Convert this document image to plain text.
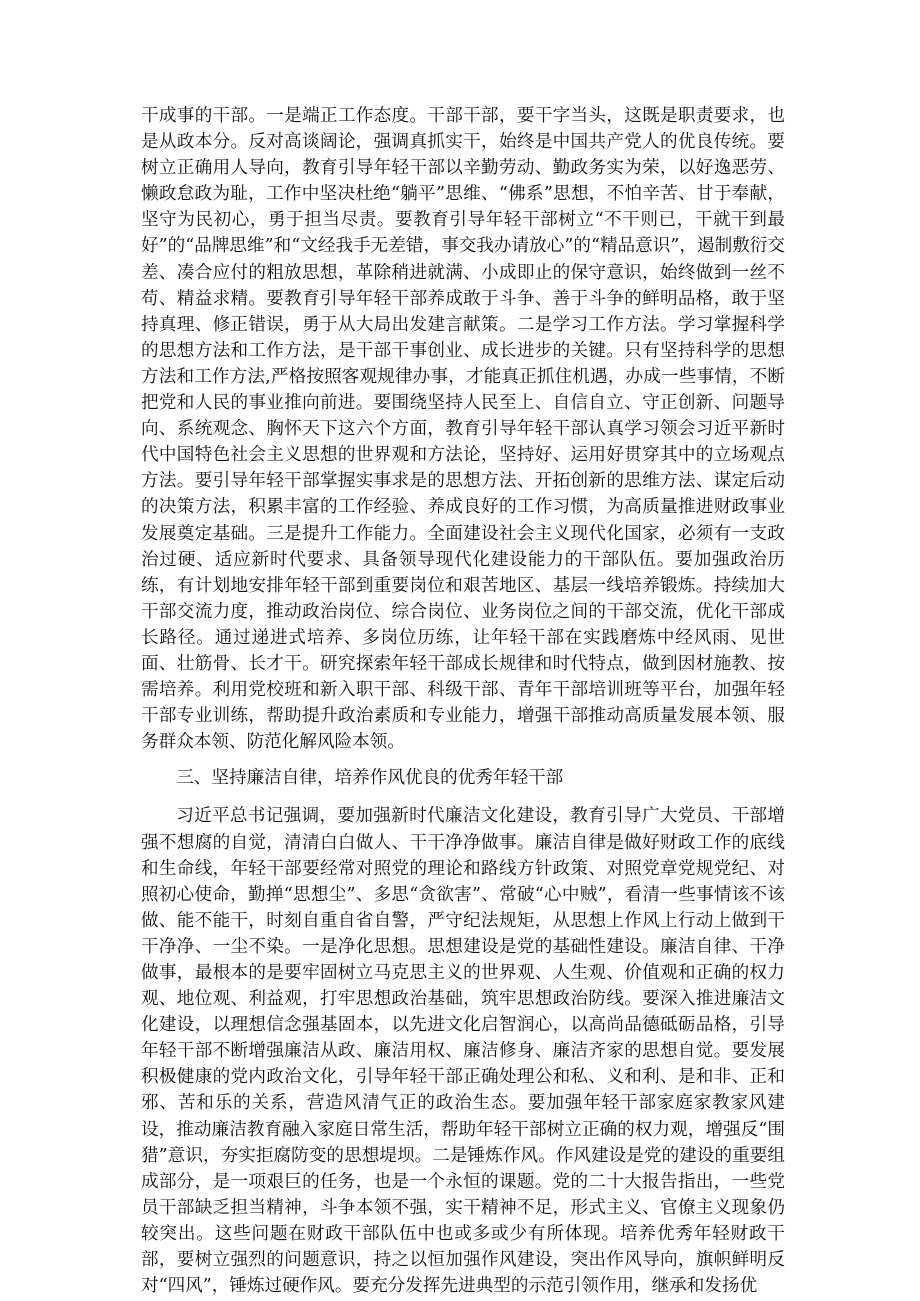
干成事的干部。一是端正工作态度。干部干部，要干字当头，这既是职责要求，也是从政本分。反对高谈阔论，强调真抓实干，始终是中国共产党人的优良传统。要树立正确用人导向，教育引导年轻干部以辛勤劳动、勤政务实为荣，以好逸恶劳、懒政怠政为耻，工作中坚决杜绝“躺平”思维、“佛系”思想，不怕辛苦、甘于奉献，坚守为民初心，勇于担当尽责。要教育引导年轻干部树立“不干则已，干就干到最好”的“品牌思维”和“文经我手无差错，事交我办请放心”的“精品意识”，遏制敷衍交差、凑合应付的粗放思想，革除稍进就满、小成即止的保守意识，始终做到一丝不苟、精益求精。要教育引导年轻干部养成敢于斗争、善于斗争的鲜明品格，敢于坚持真理、修正错误，勇于从大局出发建言献策。二是学习工作方法。学习掌握科学的思想方法和工作方法，是干部干事创业、成长进步的关键。只有坚持科学的思想方法和工作方法,严格按照客观规律办事，才能真正抓住机遇，办成一些事情，不断把党和人民的事业推向前进。要围绕坚持人民至上、自信自立、守正创新、问题导向、系统观念、胸怀天下这六个方面，教育引导年轻干部认真学习领会习近平新时代中国特色社会主义思想的世界观和方法论，坚持好、运用好贯穿其中的立场观点方法。要引导年轻干部掌握实事求是的思想方法、开拓创新的思维方法、谋定后动的决策方法，积累丰富的工作经验、养成良好的工作习惯，为高质量推进财政事业发展奠定基础。三是提升工作能力。全面建设社会主义现代化国家，必须有一支政治过硬、适应新时代要求、具备领导现代化建设能力的干部队伍。要加强政治历练，有计划地安排年轻干部到重要岗位和艰苦地区、基层一线培养锻炼。持续加大干部交流力度，推动政治岗位、综合岗位、业务岗位之间的干部交流，优化干部成长路径。通过递进式培养、多岗位历练，让年轻干部在实践磨炼中经风雨、见世面、壮筋骨、长才干。研究探索年轻干部成长规律和时代特点，做到因材施教、按需培养。利用党校班和新入职干部、科级干部、青年干部培训班等平台，加强年轻干部专业训练，帮助提升政治素质和专业能力，增强干部推动高质量发展本领、服务群众本领、防范化解风险本领。

三、坚持廉洁自律，培养作风优良的优秀年轻干部

习近平总书记强调，要加强新时代廉洁文化建设，教育引导广大党员、干部增强不想腐的自觉，清清白白做人、干干净净做事。廉洁自律是做好财政工作的底线和生命线，年轻干部要经常对照党的理论和路线方针政策、对照党章党规党纪、对照初心使命，勤掸“思想尘”、多思“贪欲害”、常破“心中贼”，看清一些事情该不该做、能不能干，时刻自重自省自警，严守纪法规矩，从思想上作风上行动上做到干干净净、一尘不染。一是净化思想。思想建设是党的基础性建设。廉洁自律、干净做事，最根本的是要牢固树立马克思主义的世界观、人生观、价值观和正确的权力观、地位观、利益观，打牢思想政治基础，筑牢思想政治防线。要深入推进廉洁文化建设，以理想信念强基固本，以先进文化启智润心，以高尚品德砥砺品格，引导年轻干部不断增强廉洁从政、廉洁用权、廉洁修身、廉洁齐家的思想自觉。要发展积极健康的党内政治文化，引导年轻干部正确处理公和私、义和利、是和非、正和邪、苦和乐的关系，营造风清气正的政治生态。要加强年轻干部家庭家教家风建设，推动廉洁教育融入家庭日常生活，帮助年轻干部树立正确的权力观，增强反“围猎”意识，夯实拒腐防变的思想堤坝。二是锤炼作风。作风建设是党的建设的重要组成部分，是一项艰巨的任务，也是一个永恒的课题。党的二十大报告指出，一些党员干部缺乏担当精神，斗争本领不强，实干精神不足，形式主义、官僚主义现象仍较突出。这些问题在财政干部队伍中也或多或少有所体现。培养优秀年轻财政干部，要树立强烈的问题意识，持之以恒加强作风建设，突出作风导向，旗帜鲜明反对“四风”，锤炼过硬作风。要充分发挥先进典型的示范引领作用，继承和发扬优
